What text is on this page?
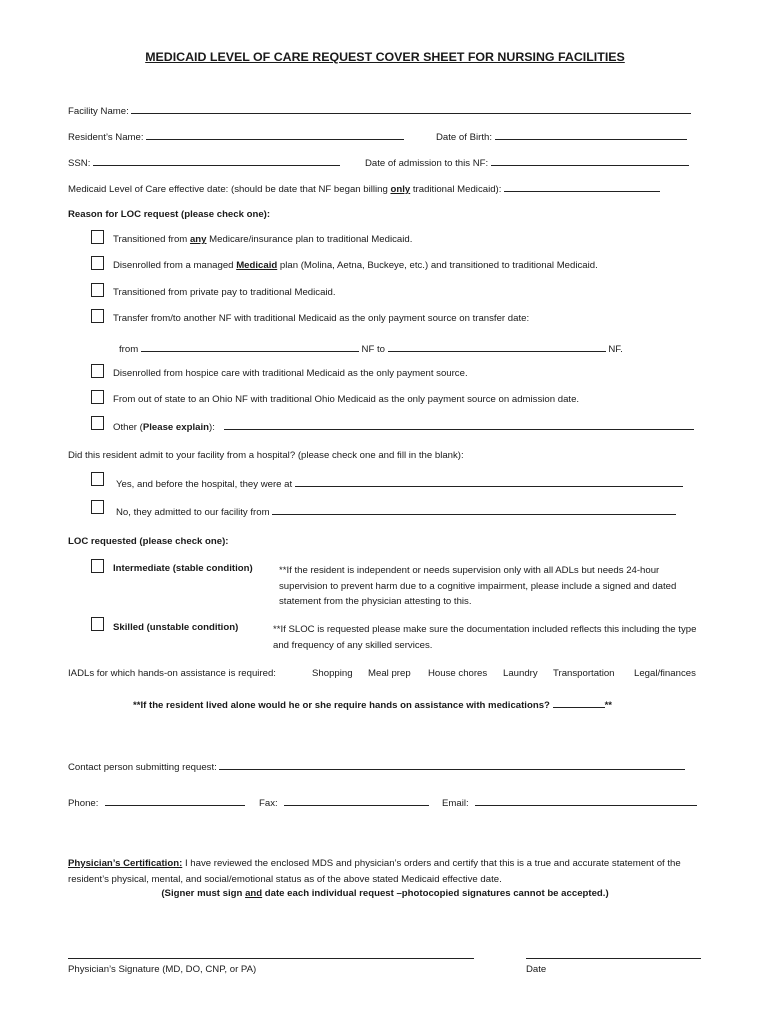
MEDICAID LEVEL OF CARE REQUEST COVER SHEET FOR NURSING FACILITIES
Facility Name:
Resident’s Name:	Date of Birth:
SSN:	Date of admission to this NF:
Medicaid Level of Care effective date: (should be date that NF began billing only traditional Medicaid):
Reason for LOC request (please check one):
Transitioned from any Medicare/insurance plan to traditional Medicaid.
Disenrolled from a managed Medicaid plan (Molina, Aetna, Buckeye, etc.) and transitioned to traditional Medicaid.
Transitioned from private pay to traditional Medicaid.
Transfer from/to another NF with traditional Medicaid as the only payment source on transfer date:
from	NF to	NF.
Disenrolled from hospice care with traditional Medicaid as the only payment source.
From out of state to an Ohio NF with traditional Ohio Medicaid as the only payment source on admission date.
Other (Please explain):
Did this resident admit to your facility from a hospital? (please check one and fill in the blank):
Yes, and before the hospital, they were at
No, they admitted to our facility from
LOC requested (please check one):
Intermediate (stable condition)	**If the resident is independent or needs supervision only with all ADLs but needs 24-hour supervision to prevent harm due to a cognitive impairment, please include a signed and dated statement from the physician attesting to this.
Skilled (unstable condition)	**If SLOC is requested please make sure the documentation included reflects this including the type and frequency of any skilled services.
IADLs for which hands-on assistance is required:	Shopping Meal prep House chores Laundry Transportation Legal/finances
**If the resident lived alone would he or she require hands on assistance with medications?	**
Contact person submitting request:
Phone:	Fax:	Email:
Physician’s Certification: I have reviewed the enclosed MDS and physician’s orders and certify that this is a true and accurate statement of the resident’s physical, mental, and social/emotional status as of the above stated Medicaid effective date.
(Signer must sign and date each individual request –photocopied signatures cannot be accepted.)
Physician’s Signature (MD, DO, CNP, or PA)	Date
